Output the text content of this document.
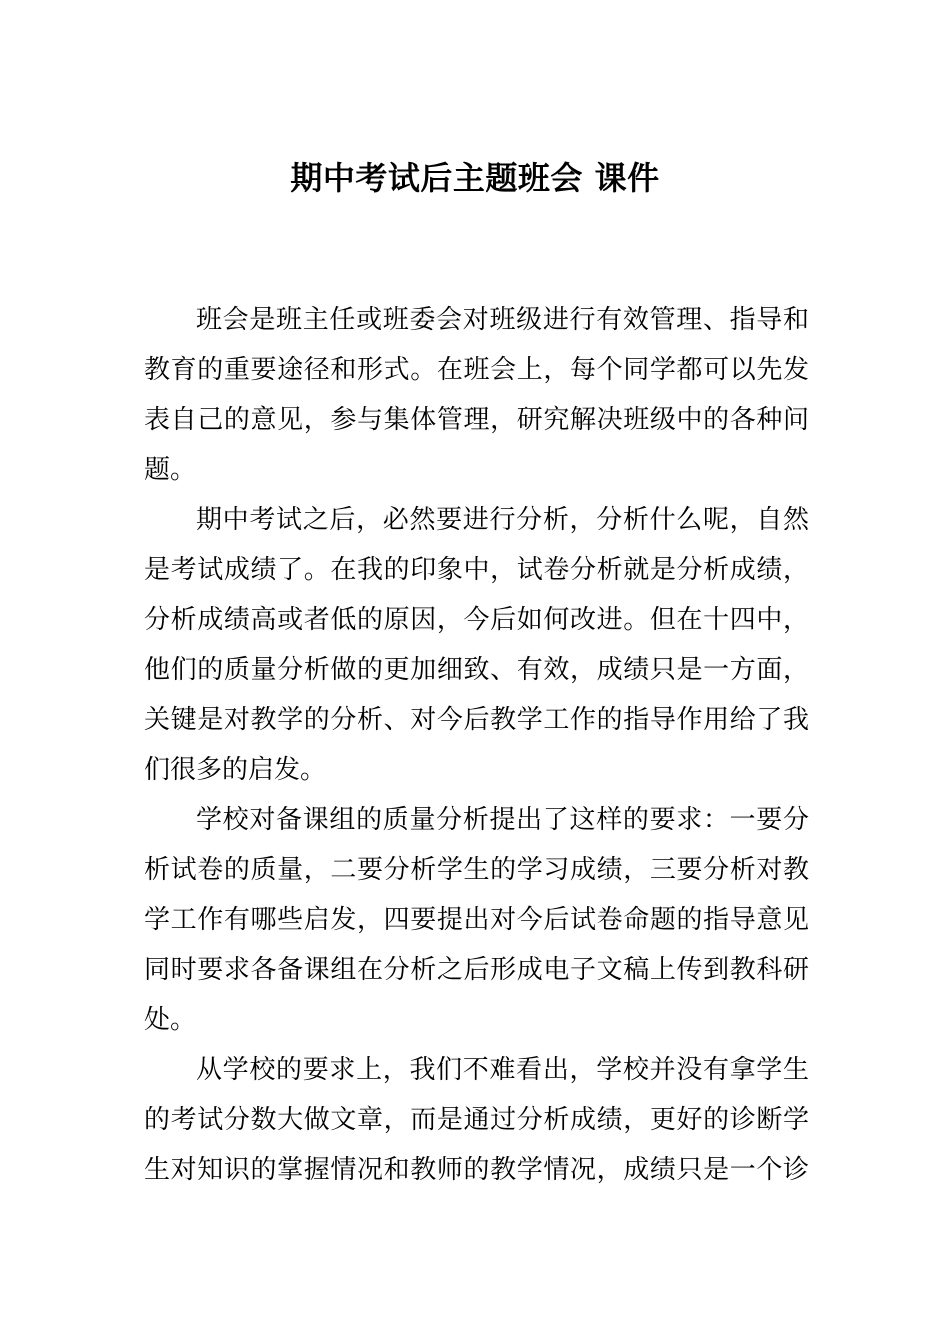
期中考试后主题班会 课件
班会是班主任或班委会对班级进行有效管理、指导和
教育的重要途径和形式。在班会上，每个同学都可以先发
表自己的意见，参与集体管理，研究解决班级中的各种问
题。
期中考试之后，必然要进行分析，分析什么呢，自然
是考试成绩了。在我的印象中，试卷分析就是分析成绩，
分析成绩高或者低的原因，今后如何改进。但在十四中，
他们的质量分析做的更加细致、有效，成绩只是一方面，
关键是对教学的分析、对今后教学工作的指导作用给了我
们很多的启发。
学校对备课组的质量分析提出了这样的要求：一要分
析试卷的质量，二要分析学生的学习成绩，三要分析对教
学工作有哪些启发，四要提出对今后试卷命题的指导意见
同时要求各备课组在分析之后形成电子文稿上传到教科研
处。
从学校的要求上，我们不难看出，学校并没有拿学生
的考试分数大做文章，而是通过分析成绩，更好的诊断学
生对知识的掌握情况和教师的教学情况，成绩只是一个诊
